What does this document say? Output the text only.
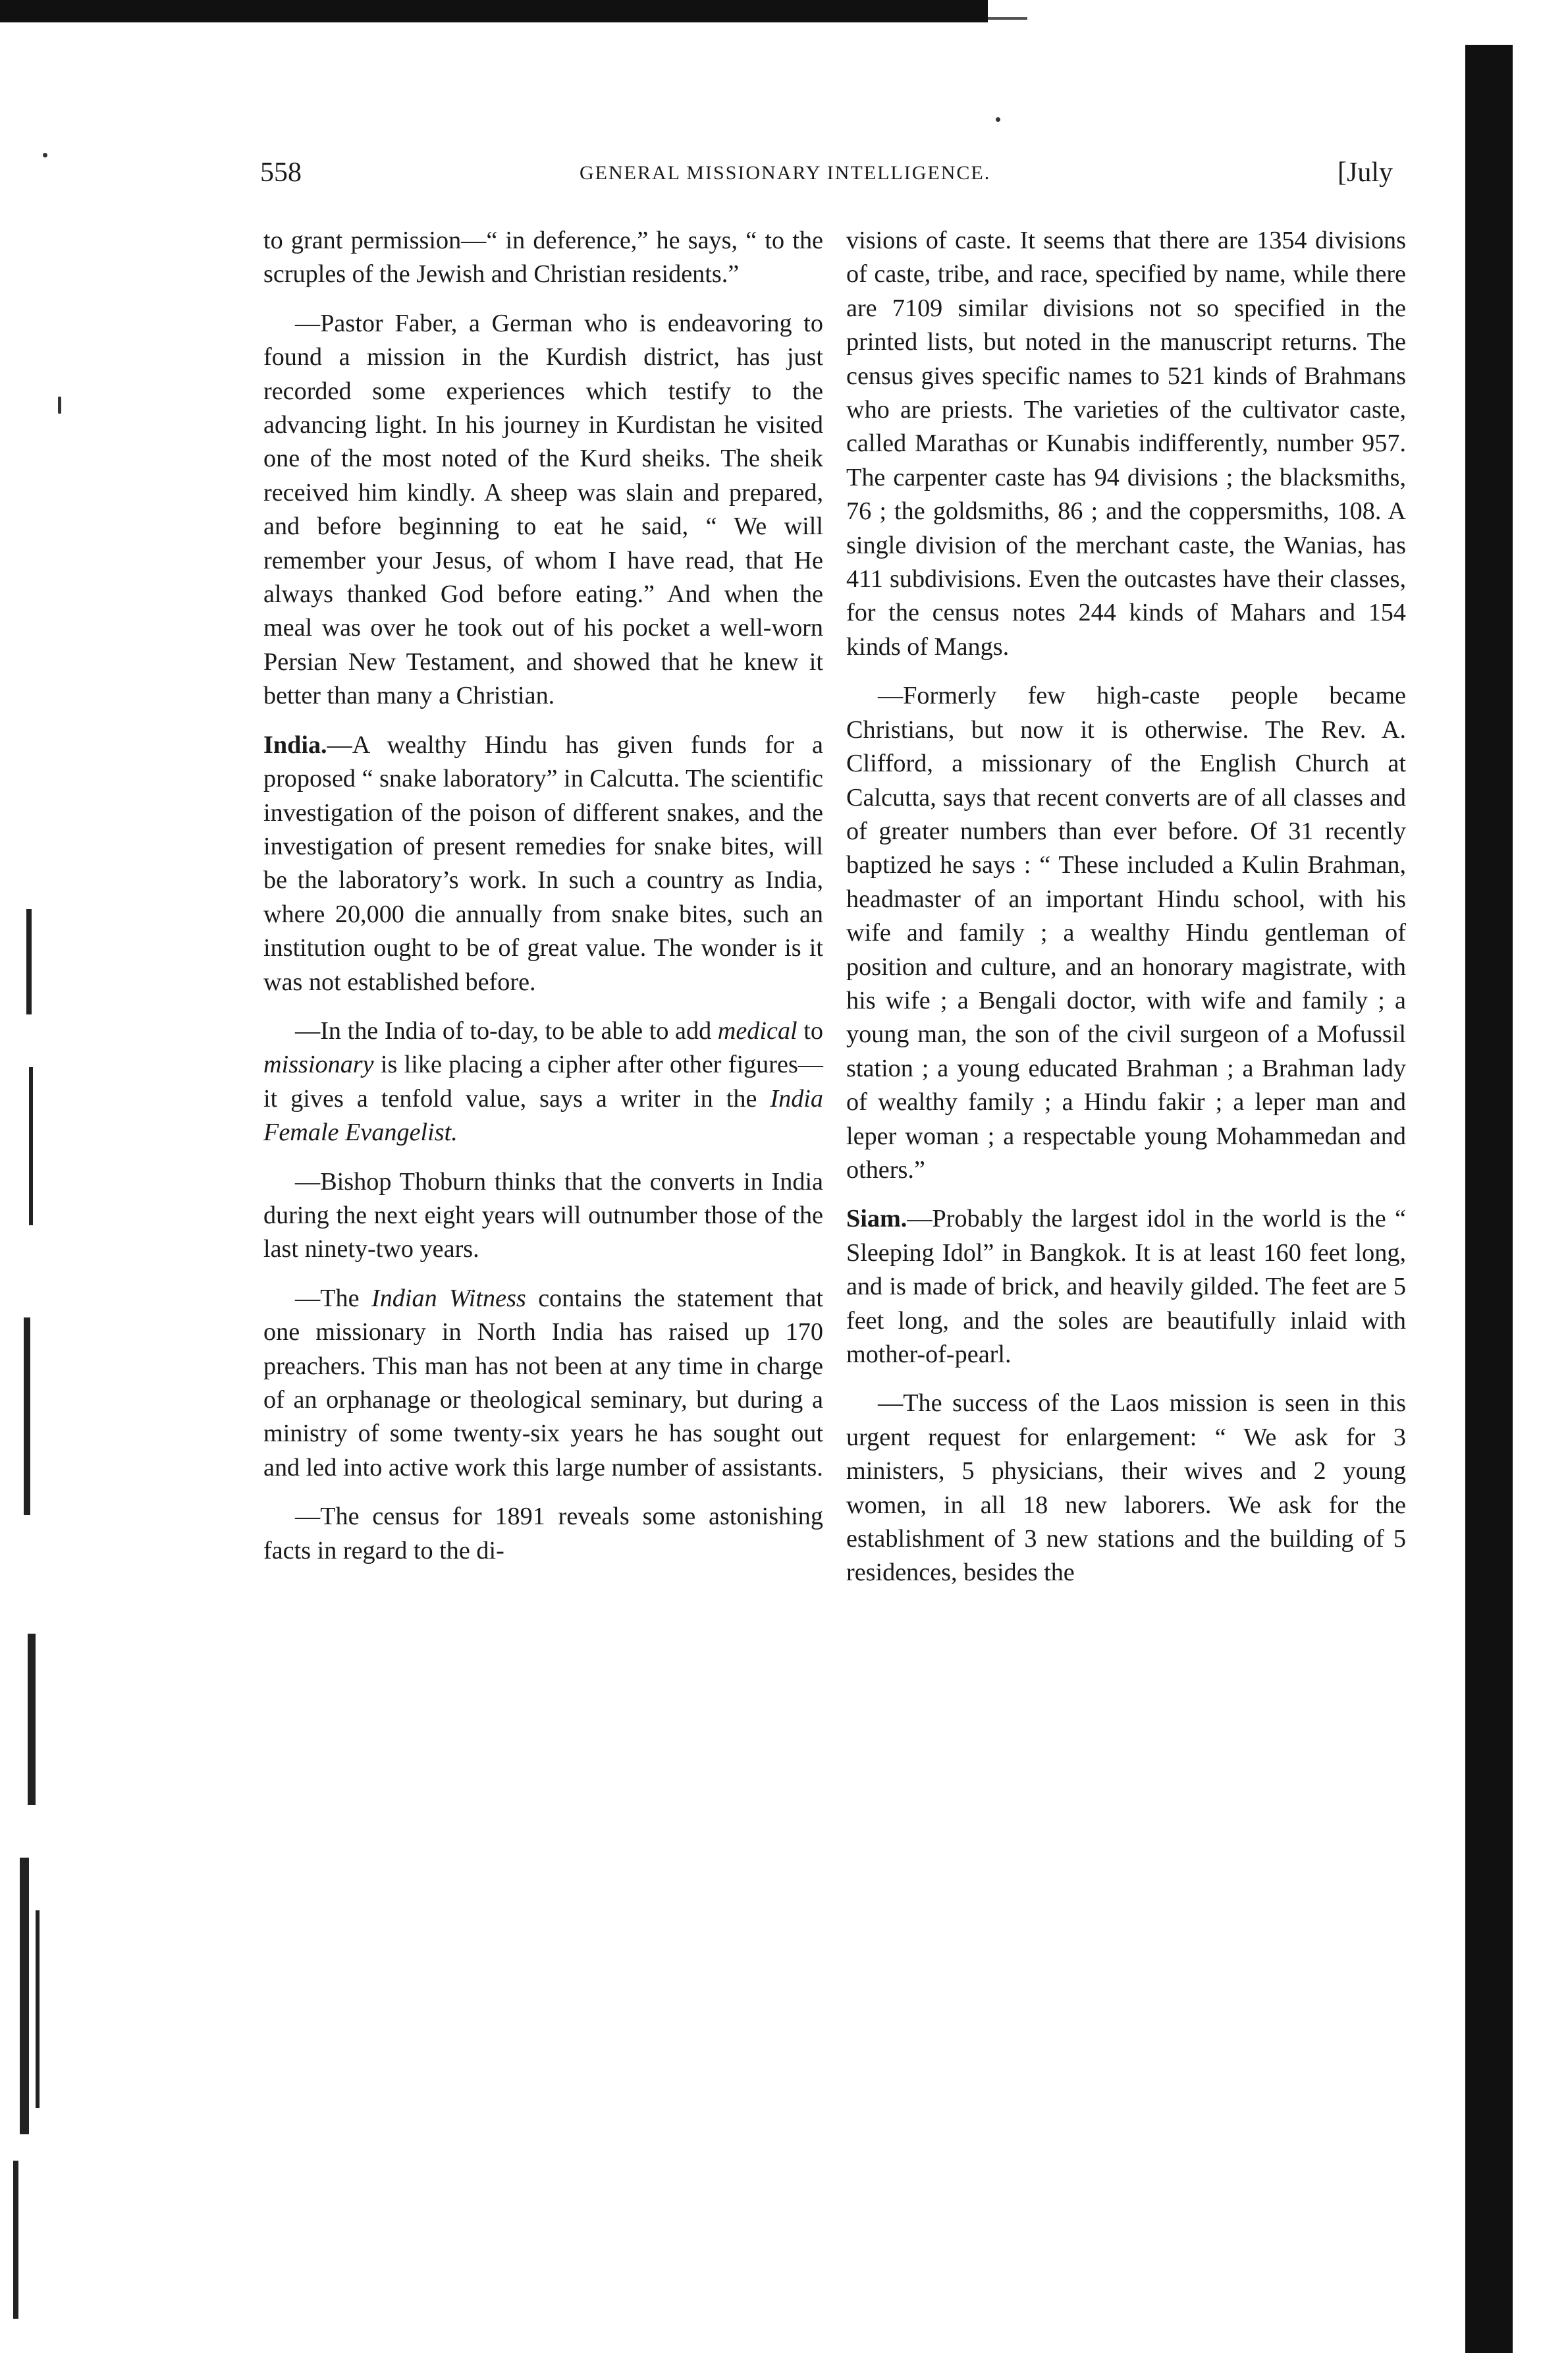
558	GENERAL MISSIONARY INTELLIGENCE.	[July

to grant permission—“ in deference,” he says, “ to the scruples of the Jewish and Christian residents.”

—Pastor Faber, a German who is endeavoring to found a mission in the Kurdish district, has just recorded some experiences which testify to the advancing light. In his journey in Kurdistan he visited one of the most noted of the Kurd sheiks. The sheik received him kindly. A sheep was slain and prepared, and before beginning to eat he said, “ We will remember your Jesus, of whom I have read, that He always thanked God before eating.” And when the meal was over he took out of his pocket a well-worn Persian New Testament, and showed that he knew it better than many a Christian.

India.—A wealthy Hindu has given funds for a proposed “ snake laboratory” in Calcutta. The scientific investigation of the poison of different snakes, and the investigation of present remedies for snake bites, will be the laboratory’s work. In such a country as India, where 20,000 die annually from snake bites, such an institution ought to be of great value. The wonder is it was not established before.

—In the India of to-day, to be able to add medical to missionary is like placing a cipher after other figures—it gives a tenfold value, says a writer in the India Female Evangelist.

—Bishop Thoburn thinks that the converts in India during the next eight years will outnumber those of the last ninety-two years.

—The Indian Witness contains the statement that one missionary in North India has raised up 170 preachers. This man has not been at any time in charge of an orphanage or theological seminary, but during a ministry of some twenty-six years he has sought out and led into active work this large number of assistants.

—The census for 1891 reveals some astonishing facts in regard to the di-

visions of caste. It seems that there are 1354 divisions of caste, tribe, and race, specified by name, while there are 7109 similar divisions not so specified in the printed lists, but noted in the manuscript returns. The census gives specific names to 521 kinds of Brahmans who are priests. The varieties of the cultivator caste, called Marathas or Kunabis indifferently, number 957. The carpenter caste has 94 divisions ; the blacksmiths, 76 ; the goldsmiths, 86 ; and the coppersmiths, 108. A single division of the merchant caste, the Wanias, has 411 subdivisions. Even the outcastes have their classes, for the census notes 244 kinds of Mahars and 154 kinds of Mangs.

—Formerly few high-caste people became Christians, but now it is otherwise. The Rev. A. Clifford, a missionary of the English Church at Calcutta, says that recent converts are of all classes and of greater numbers than ever before. Of 31 recently baptized he says : “ These included a Kulin Brahman, headmaster of an important Hindu school, with his wife and family ; a wealthy Hindu gentleman of position and culture, and an honorary magistrate, with his wife ; a Bengali doctor, with wife and family ; a young man, the son of the civil surgeon of a Mofussil station ; a young educated Brahman ; a Brahman lady of wealthy family ; a Hindu fakir ; a leper man and leper woman ; a respectable young Mohammedan and others.”

Siam.—Probably the largest idol in the world is the “ Sleeping Idol” in Bangkok. It is at least 160 feet long, and is made of brick, and heavily gilded. The feet are 5 feet long, and the soles are beautifully inlaid with mother-of-pearl.

—The success of the Laos mission is seen in this urgent request for enlargement: “ We ask for 3 ministers, 5 physicians, their wives and 2 young women, in all 18 new laborers. We ask for the establishment of 3 new stations and the building of 5 residences, besides the
